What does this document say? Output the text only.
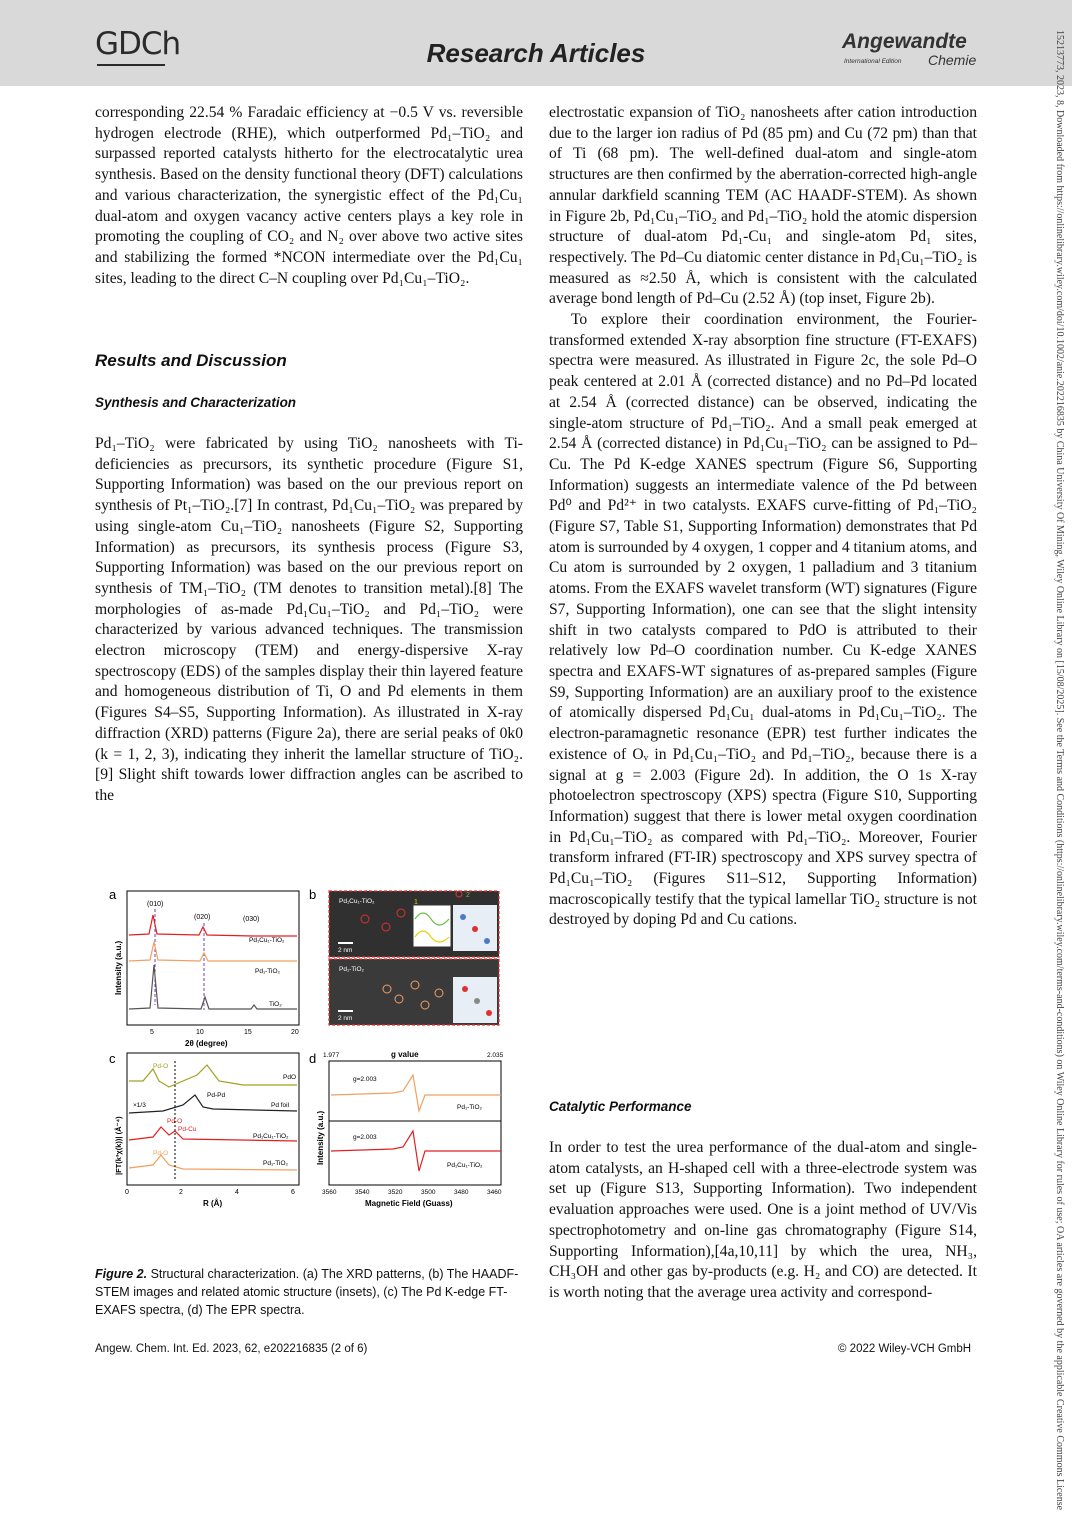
GDCh	Research Articles	Angewandte
International Edition Chemie	15213773, 2023, 8, Downloaded from https://onlinelibrary.wiley.com/doi/10.1002/anie.202216835 by China University Of Mining, Wiley Online Library on [15/08/2025]. See the Terms and Conditions (https://onlinelibrary.wiley.com/terms-and-conditions) on Wiley Online Library for rules of use; OA articles are governed by the applicable Creative Commons License

corresponding 22.54 % Faradaic efficiency at −0.5 V vs. reversible hydrogen electrode (RHE), which outperformed Pd₁–TiO₂ and surpassed reported catalysts hitherto for the electrocatalytic urea synthesis. Based on the density functional theory (DFT) calculations and various characterization, the synergistic effect of the Pd₁Cu₁ dual-atom and oxygen vacancy active centers plays a key role in promoting the coupling of CO₂ and N₂ over above two active sites and stabilizing the formed *NCON intermediate over the Pd₁Cu₁ sites, leading to the direct C–N coupling over Pd₁Cu₁–TiO₂.

Results and Discussion
Synthesis and Characterization

Pd₁–TiO₂ were fabricated by using TiO₂ nanosheets with Ti-deficiencies as precursors, its synthetic procedure (Figure S1, Supporting Information) was based on the our previous report on synthesis of Pt₁–TiO₂.[7] In contrast, Pd₁Cu₁–TiO₂ was prepared by using single-atom Cu₁–TiO₂ nanosheets (Figure S2, Supporting Information) as precursors, its synthesis process (Figure S3, Supporting Information) was based on the our previous report on synthesis of TM₁–TiO₂ (TM denotes to transition metal).[8] The morphologies of as-made Pd₁Cu₁–TiO₂ and Pd₁–TiO₂ were characterized by various advanced techniques. The transmission electron microscopy (TEM) and energy-dispersive X-ray spectroscopy (EDS) of the samples display their thin layered feature and homogeneous distribution of Ti, O and Pd elements in them (Figures S4–S5, Supporting Information). As illustrated in X-ray diffraction (XRD) patterns (Figure 2a), there are serial peaks of 0k0 (k = 1, 2, 3), indicating they inherit the lamellar structure of TiO₂.[9] Slight shift towards lower diffraction angles can be ascribed to the

a
(010)
(020)	(030)
Pd₁Cu₁-TiO₂
Pd₁-TiO₂
TiO₂
5	10	15	20
2θ (degree)
Intensity (a.u.)
b	Pd₁Cu₁-TiO₂
Pd₁-TiO₂
1
2
2 nm
2 nm
c
PdO
Pd foil
Pd₁Cu₁-TiO₂
Pd₁-TiO₂
Pd-O
Pd-Pd
×1/3
Pd-O
Pd-Cu
Pd-O
0	2	4	6
R (Å)
|FT(k³χ(k))| (Å⁻⁴)
d	g value
1.977	2.035
g=2.003
g=2.003
Pd₁-TiO₂
Pd₁Cu₁-TiO₂
3560	3540	3520	3500	3480	3460
Magnetic Field (Guass)
Intensity (a.u.)
Figure 2. Structural characterization. (a) The XRD patterns, (b) The HAADF-STEM images and related atomic structure (insets), (c) The Pd K-edge FT-EXAFS spectra, (d) The EPR spectra.

electrostatic expansion of TiO₂ nanosheets after cation introduction due to the larger ion radius of Pd (85 pm) and Cu (72 pm) than that of Ti (68 pm). The well-defined dual-atom and single-atom structures are then confirmed by the aberration-corrected high-angle annular darkfield scanning TEM (AC HAADF-STEM). As shown in Figure 2b, Pd₁Cu₁–TiO₂ and Pd₁–TiO₂ hold the atomic dispersion structure of dual-atom Pd₁-Cu₁ and single-atom Pd₁ sites, respectively. The Pd–Cu diatomic center distance in Pd₁Cu₁–TiO₂ is measured as ≈2.50 Å, which is consistent with the calculated average bond length of Pd–Cu (2.52 Å) (top inset, Figure 2b).

To explore their coordination environment, the Fourier-transformed extended X-ray absorption fine structure (FT-EXAFS) spectra were measured. As illustrated in Figure 2c, the sole Pd–O peak centered at 2.01 Å (corrected distance) and no Pd–Pd located at 2.54 Å (corrected distance) can be observed, indicating the single-atom structure of Pd₁–TiO₂. And a small peak emerged at 2.54 Å (corrected distance) in Pd₁Cu₁–TiO₂ can be assigned to Pd–Cu. The Pd K-edge XANES spectrum (Figure S6, Supporting Information) suggests an intermediate valence of the Pd between Pd⁰ and Pd²⁺ in two catalysts. EXAFS curve-fitting of Pd₁–TiO₂ (Figure S7, Table S1, Supporting Information) demonstrates that Pd atom is surrounded by 4 oxygen, 1 copper and 4 titanium atoms, and Cu atom is surrounded by 2 oxygen, 1 palladium and 3 titanium atoms. From the EXAFS wavelet transform (WT) signatures (Figure S7, Supporting Information), one can see that the slight intensity shift in two catalysts compared to PdO is attributed to their relatively low Pd–O coordination number. Cu K-edge XANES spectra and EXAFS-WT signatures of as-prepared samples (Figure S9, Supporting Information) are an auxiliary proof to the existence of atomically dispersed Pd₁Cu₁ dual-atoms in Pd₁Cu₁–TiO₂. The electron-paramagnetic resonance (EPR) test further indicates the existence of Oᵥ in Pd₁Cu₁–TiO₂ and Pd₁–TiO₂, because there is a signal at g = 2.003 (Figure 2d). In addition, the O 1s X-ray photoelectron spectroscopy (XPS) spectra (Figure S10, Supporting Information) suggest that there is lower metal oxygen coordination in Pd₁Cu₁–TiO₂ as compared with Pd₁–TiO₂. Moreover, Fourier transform infrared (FT-IR) spectroscopy and XPS survey spectra of Pd₁Cu₁–TiO₂ (Figures S11–S12, Supporting Information) macroscopically testify that the typical lamellar TiO₂ structure is not destroyed by doping Pd and Cu cations.

Catalytic Performance

In order to test the urea performance of the dual-atom and single-atom catalysts, an H-shaped cell with a three-electrode system was set up (Figure S13, Supporting Information). Two independent evaluation approaches were used. One is a joint method of UV/Vis spectrophotometry and on-line gas chromatography (Figure S14, Supporting Information),[4a,10,11] by which the urea, NH₃, CH₃OH and other gas by-products (e.g. H₂ and CO) are detected. It is worth noting that the average urea activity and correspond-

Angew. Chem. Int. Ed. 2023, 62, e202216835 (2 of 6)	© 2022 Wiley-VCH GmbH
